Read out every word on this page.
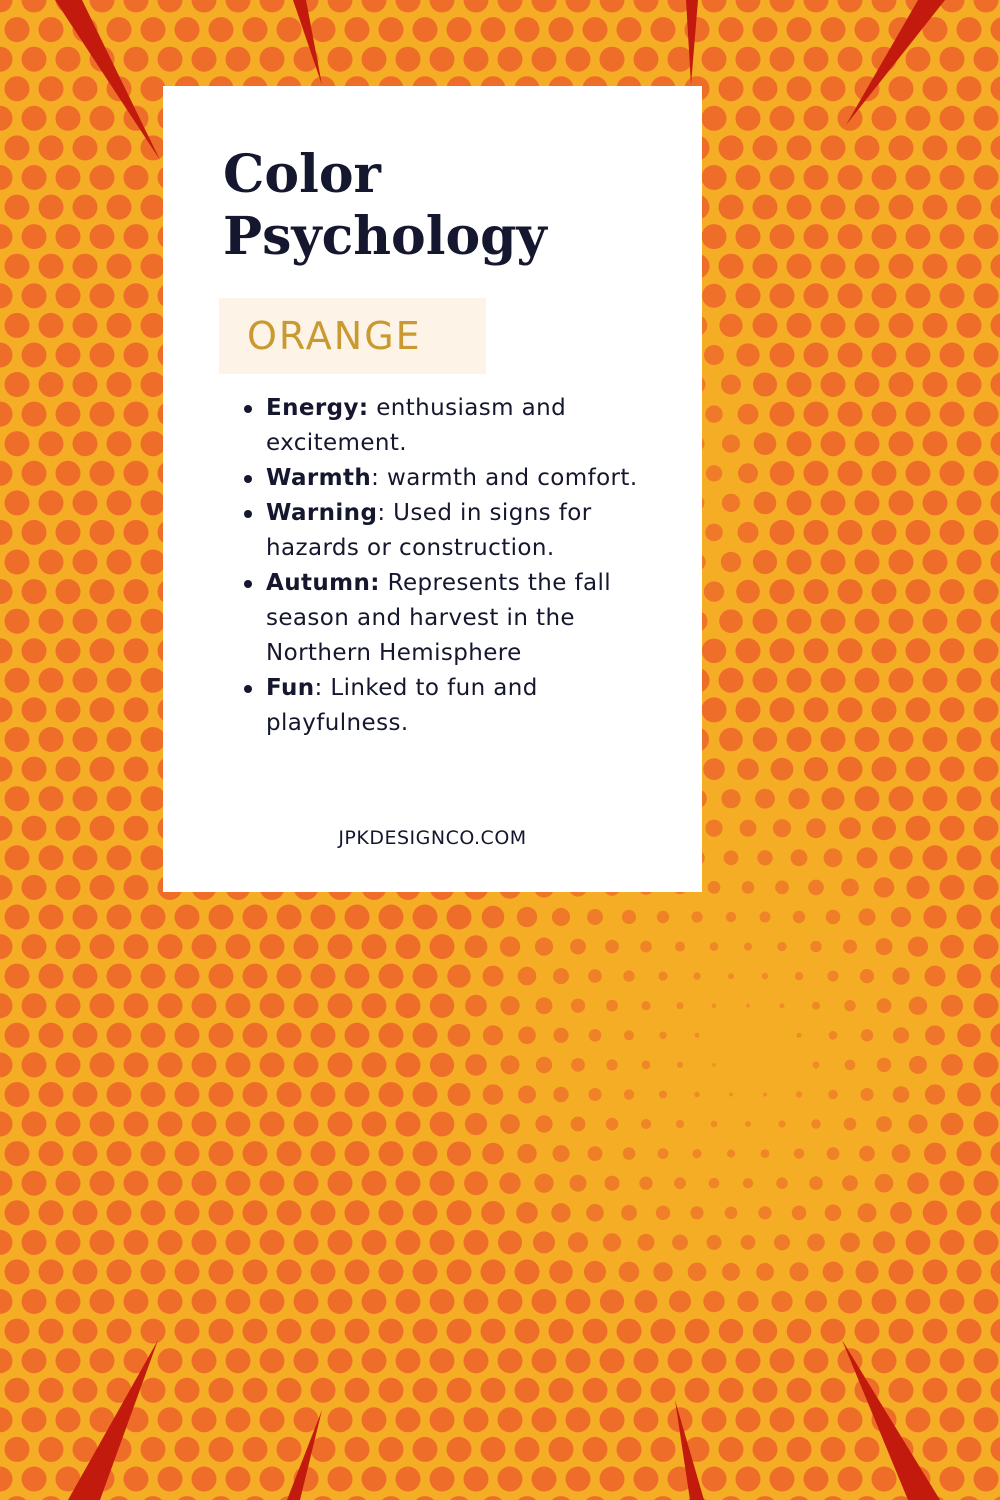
Color
Psychology
ORANGE
Energy: enthusiasm and excitement.
Warmth: warmth and comfort.
Warning: Used in signs for hazards or construction.
Autumn: Represents the fall season and harvest in the Northern Hemisphere
Fun: Linked to fun and playfulness.
JPKDESIGNCO.COM
